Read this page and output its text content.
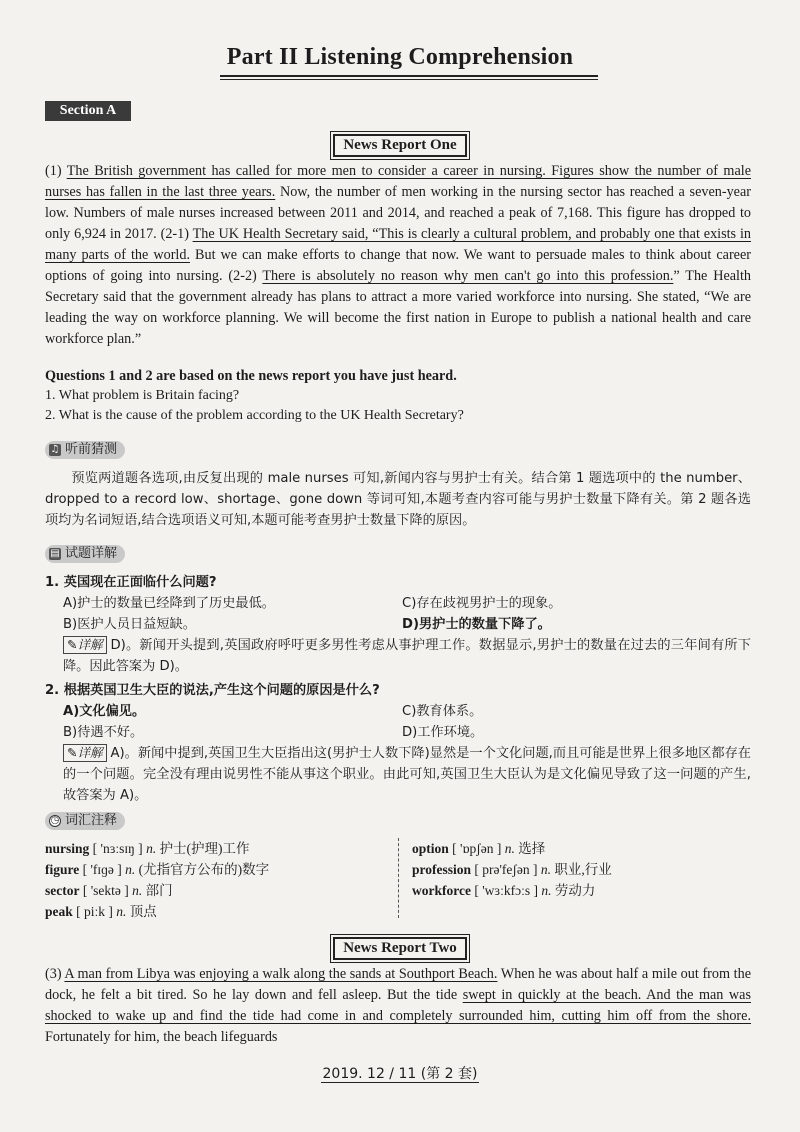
Part II Listening Comprehension
Section A
News Report One
(1) The British government has called for more men to consider a career in nursing. Figures show the number of male nurses has fallen in the last three years. Now, the number of men working in the nursing sector has reached a seven-year low. Numbers of male nurses increased between 2011 and 2014, and reached a peak of 7,168. This figure has dropped to only 6,924 in 2017. (2-1) The UK Health Secretary said, “This is clearly a cultural problem, and probably one that exists in many parts of the world. But we can make efforts to change that now. We want to persuade males to think about career options of going into nursing. (2-2) There is absolutely no reason why men can't go into this profession.” The Health Secretary said that the government already has plans to attract a more varied workforce into nursing. She stated, “We are leading the way on workforce planning. We will become the first nation in Europe to publish a national health and care workforce plan.”
Questions 1 and 2 are based on the news report you have just heard.
1. What problem is Britain facing?
2. What is the cause of the problem according to the UK Health Secretary?
♫ 听前猜测
预览两道题各选项,由反复出现的 male nurses 可知,新闻内容与男护士有关。结合第 1 题选项中的 the number、dropped to a record low、shortage、gone down 等词可知,本题考查内容可能与男护士数量下降有关。第 2 题各选项均为名词短语,结合选项语义可知,本题可能考查男护士数量下降的原因。
▤ 试题详解
1. 英国现在正面临什么问题?
A)护士的数量已经降到了历史最低。	C)存在歧视男护士的现象。
B)医护人员日益短缺。	D)男护士的数量下降了。
✎详解 D)。新闻开头提到,英国政府呼吁更多男性考虑从事护理工作。数据显示,男护士的数量在过去的三年间有所下降。因此答案为 D)。
2. 根据英国卫生大臣的说法,产生这个问题的原因是什么?
A)文化偏见。	C)教育体系。
B)待遇不好。	D)工作环境。
✎详解 A)。新闻中提到,英国卫生大臣指出这(男护士人数下降)显然是一个文化问题,而且可能是世界上很多地区都存在的一个问题。完全没有理由说男性不能从事这个职业。由此可知,英国卫生大臣认为是文化偏见导致了这一问题的产生,故答案为 A)。
◷ 词汇注释
nursing [ 'nɜːsɪŋ ] n. 护士(护理)工作
figure [ 'fɪɡə ] n. (尤指官方公布的)数字
sector [ 'sektə ] n. 部门
peak [ piːk ] n. 顶点
option [ 'ɒpʃən ] n. 选择
profession [ prə'feʃən ] n. 职业,行业
workforce [ 'wɜːkfɔːs ] n. 劳动力
News Report Two
(3) A man from Libya was enjoying a walk along the sands at Southport Beach. When he was about half a mile out from the dock, he felt a bit tired. So he lay down and fell asleep. But the tide swept in quickly at the beach. And the man was shocked to wake up and find the tide had come in and completely surrounded him, cutting him off from the shore. Fortunately for him, the beach lifeguards
2019. 12 / 11 (第 2 套)
